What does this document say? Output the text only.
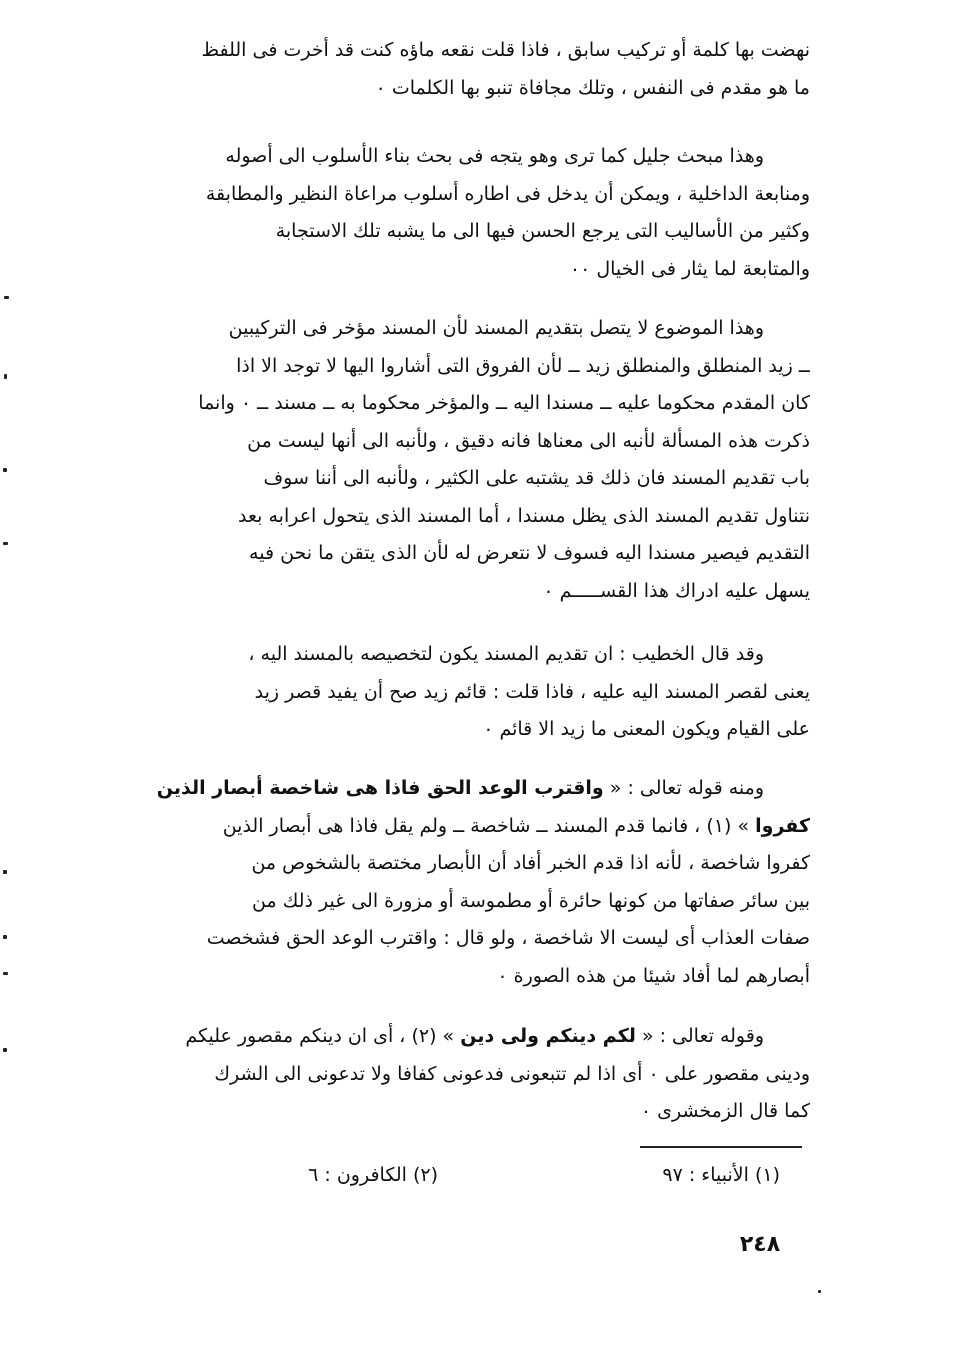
نهضت بها كلمة أو تركيب سابق ، فاذا قلت نقعه ماؤه كنت قد أخرت فى اللفظ
ما هو مقدم فى النفس ، وتلك مجافاة تنبو بها الكلمات ٠
وهذا مبحث جليل كما ترى وهو يتجه فى بحث بناء الأسلوب الى أصوله
ومنابعة الداخلية ، ويمكن أن يدخل فى اطاره أسلوب مراعاة النظير والمطابقة
وكثير من الأساليب التى يرجع الحسن فيها الى ما يشبه تلك الاستجابة
والمتابعة لما يثار فى الخيال ٠٠
وهذا الموضوع لا يتصل بتقديم المسند لأن المسند مؤخر فى التركيبين
ــ زيد المنطلق والمنطلق زيد ــ لأن الفروق التى أشاروا اليها لا توجد الا اذا
كان المقدم محكوما عليه ــ مسندا اليه ــ والمؤخر محكوما به ــ مسند ــ ٠ وانما
ذكرت هذه المسألة لأنبه الى معناها فانه دقيق ، ولأنبه الى أنها ليست من
باب تقديم المسند فان ذلك قد يشتبه على الكثير ، ولأنبه الى أننا سوف
نتناول تقديم المسند الذى يظل مسندا ، أما المسند الذى يتحول اعرابه بعد
التقديم فيصير مسندا اليه فسوف لا نتعرض له لأن الذى يتقن ما نحن فيه
يسهل عليه ادراك هذا القســـــم ٠
وقد قال الخطيب : ان تقديم المسند يكون لتخصيصه بالمسند اليه ،
يعنى لقصر المسند اليه عليه ، فاذا قلت : قائم زيد صح أن يفيد قصر زيد
على القيام ويكون المعنى ما زيد الا قائم ٠
ومنه قوله تعالى : « واقترب الوعد الحق فاذا هى شاخصة أبصار الذين
كفروا » (١) ، فانما قدم المسند ــ شاخصة ــ ولم يقل فاذا هى أبصار الذين
كفروا شاخصة ، لأنه اذا قدم الخبر أفاد أن الأبصار مختصة بالشخوص من
بين سائر صفاتها من كونها حائرة أو مطموسة أو مزورة الى غير ذلك من
صفات العذاب أى ليست الا شاخصة ، ولو قال : واقترب الوعد الحق فشخصت
أبصارهم لما أفاد شيئا من هذه الصورة ٠
وقوله تعالى : « لكم دينكم ولى دين » (٢) ، أى ان دينكم مقصور عليكم
ودينى مقصور على ٠ أى اذا لم تتبعونى فدعونى كفافا ولا تدعونى الى الشرك
كما قال الزمخشرى ٠
(١) الأنبياء : ٩٧
(٢) الكافرون : ٦
٢٤٨
